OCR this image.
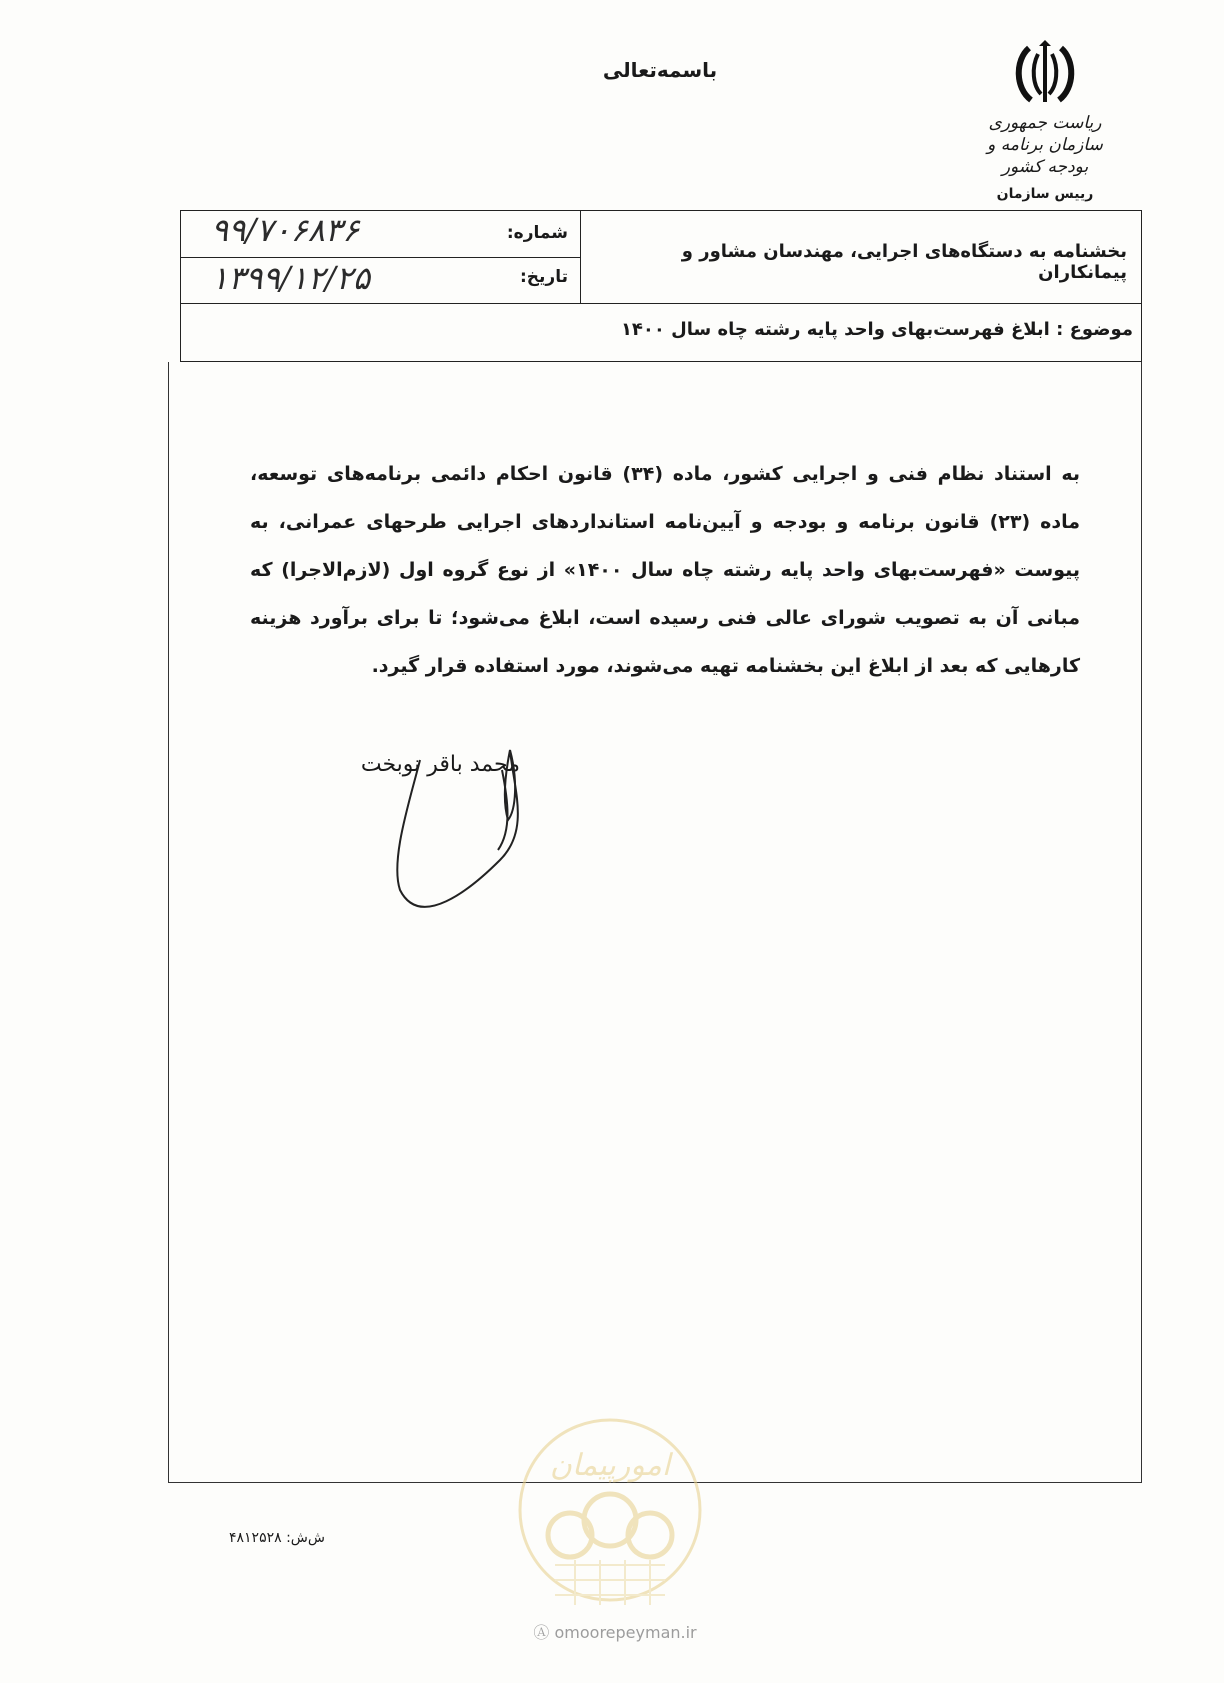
باسمه‌تعالی
ریاست جمهوری
سازمان برنامه و بودجه کشور
رییس سازمان
شماره:
۹۹/۷۰۶۸۳۶
تاریخ:
۱۳۹۹/۱۲/۲۵
بخشنامه به دستگاه‌های اجرایی، مهندسان مشاور و پیمانکاران
موضوع : ابلاغ فهرست‌بهای واحد پایه رشته چاه سال ۱۴۰۰
به استناد نظام فنی و اجرایی کشور، ماده (۳۴) قانون احکام دائمی برنامه‌های توسعه، ماده (۲۳) قانون برنامه و بودجه و آیین‌نامه استانداردهای اجرایی طرحهای عمرانی، به پیوست «فهرست‌بهای واحد پایه رشته چاه سال ۱۴۰۰» از نوع گروه اول (لازم‌الاجرا) که مبانی آن به تصویب شورای عالی فنی رسیده است، ابلاغ می‌شود؛ تا برای برآورد هزینه کارهایی که بعد از ابلاغ این بخشنامه تهیه می‌شوند، مورد استفاده قرار گیرد.
محمد باقر نوبخت
ش‌ش: ۴۸۱۲۵۲۸
امورپیمان
Ⓐ omoorepeyman.ir
